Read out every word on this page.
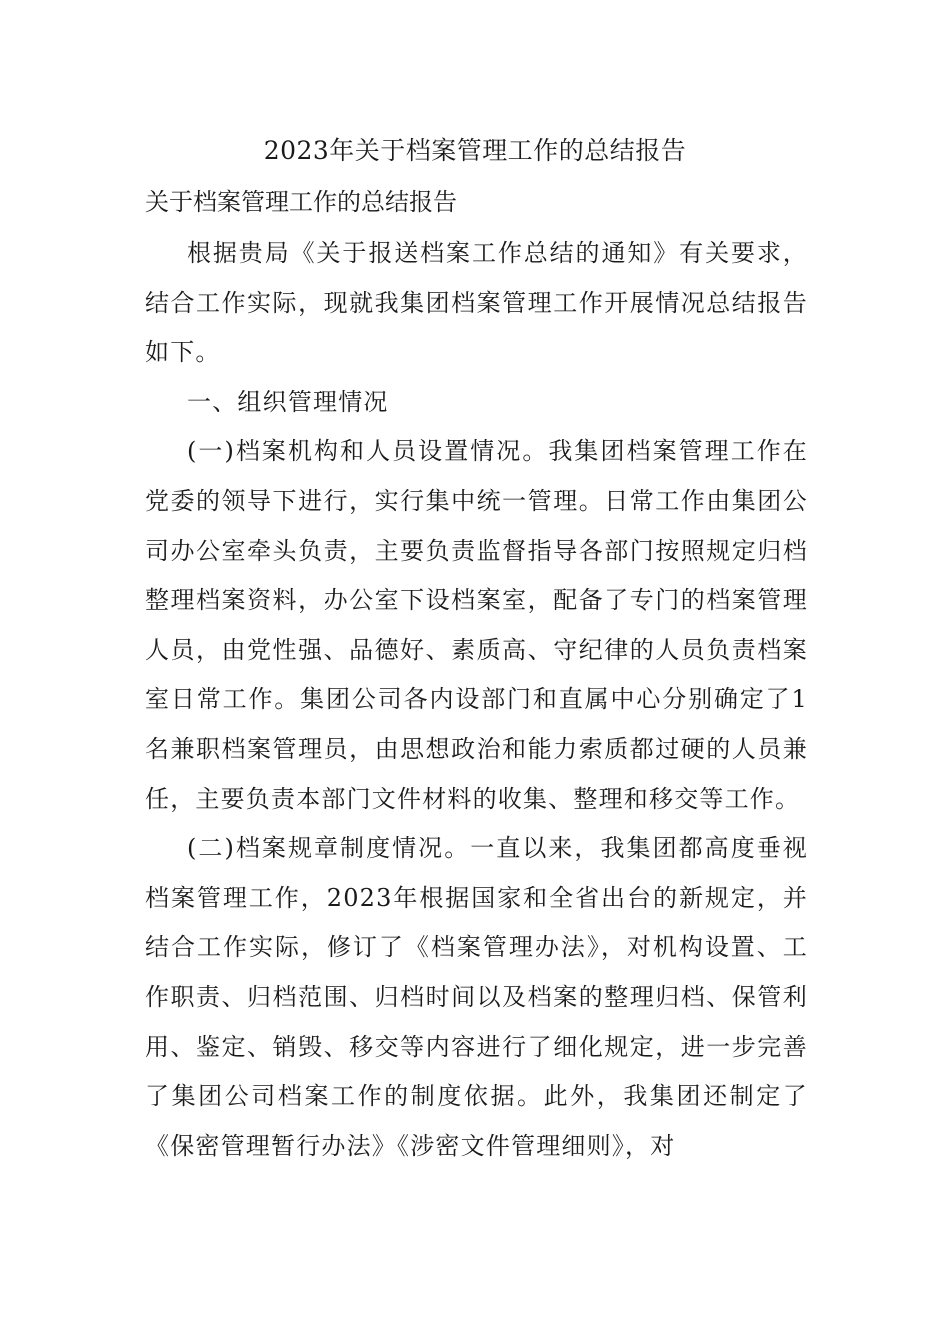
2023年关于档案管理工作的总结报告
关于档案管理工作的总结报告

根据贵局《关于报送档案工作总结的通知》有关要求，结合工作实际，现就我集团档案管理工作开展情况总结报告如下。

一、组织管理情况

(一)档案机构和人员设置情况。我集团档案管理工作在党委的领导下进行，实行集中统一管理。日常工作由集团公司办公室牵头负责，主要负责监督指导各部门按照规定归档整理档案资料，办公室下设档案室，配备了专门的档案管理人员，由党性强、品德好、素质高、守纪律的人员负责档案室日常工作。集团公司各内设部门和直属中心分别确定了1名兼职档案管理员，由思想政治和能力索质都过硬的人员兼任，主要负责本部门文件材料的收集、整理和移交等工作。

(二)档案规章制度情况。一直以来，我集团都高度垂视档案管理工作，2023年根据国家和全省出台的新规定，并结合工作实际，修订了《档案管理办法》，对机构设置、工作职责、归档范围、归档时间以及档案的整理归档、保管利用、鉴定、销毁、移交等内容进行了细化规定，进一步完善了集团公司档案工作的制度依据。此外，我集团还制定了《保密管理暂行办法》《涉密文件管理细则》，对
